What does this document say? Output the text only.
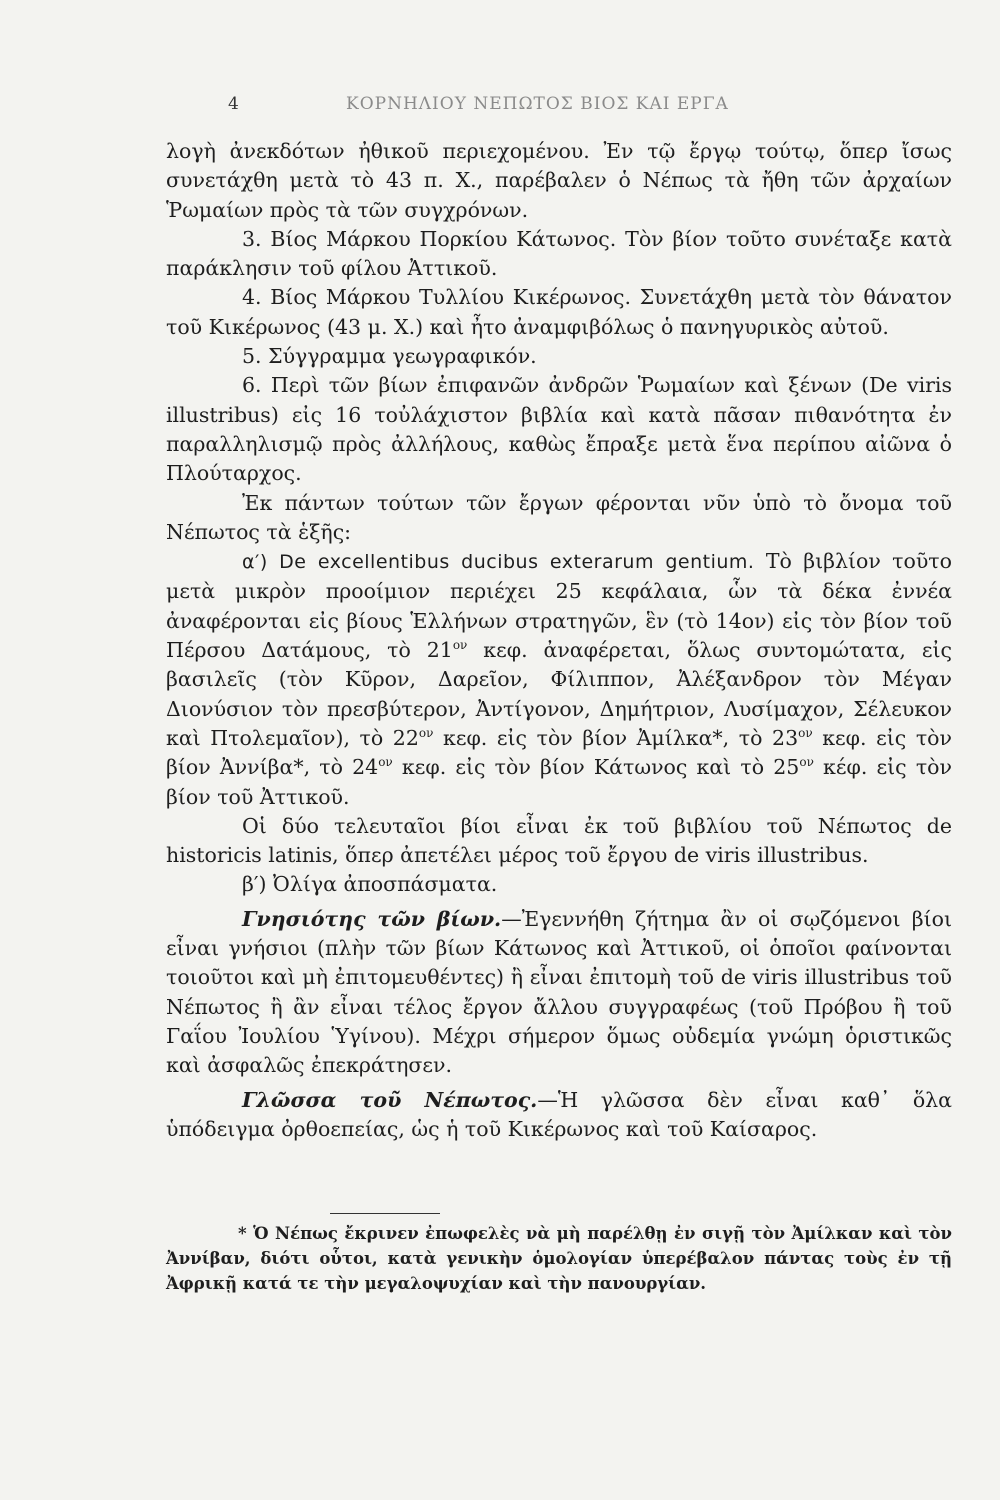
4	ΚΟΡΝΗΛΙΟΥ ΝΕΠΩΤΟΣ ΒΙΟΣ ΚΑΙ ΕΡΓΑ

λογὴ ἀνεκδότων ἠθικοῦ περιεχομένου. Ἐν τῷ ἔργῳ τούτῳ, ὅπερ ἴσως συνετάχθη μετὰ τὸ 43 π. Χ., παρέβαλεν ὁ Νέπως τὰ ἤθη τῶν ἀρχαίων Ῥωμαίων πρὸς τὰ τῶν συγχρόνων.

3. Βίος Μάρκου Πορκίου Κάτωνος. Τὸν βίον τοῦτο συνέταξε κατὰ παράκλησιν τοῦ φίλου Ἀττικοῦ.

4. Βίος Μάρκου Τυλλίου Κικέρωνος. Συνετάχθη μετὰ τὸν θάνατον τοῦ Κικέρωνος (43 μ. Χ.) καὶ ἦτο ἀναμφιβόλως ὁ πανηγυρικὸς αὐτοῦ.

5. Σύγγραμμα γεωγραφικόν.

6. Περὶ τῶν βίων ἐπιφανῶν ἀνδρῶν Ῥωμαίων καὶ ξένων (De viris illustribus) εἰς 16 τοὐλάχιστον βιβλία καὶ κατὰ πᾶσαν πιθανότητα ἐν παραλληλισμῷ πρὸς ἀλλήλους, καθὼς ἔπραξε μετὰ ἕνα περίπου αἰῶνα ὁ Πλούταρχος.

Ἐκ πάντων τούτων τῶν ἔργων φέρονται νῦν ὑπὸ τὸ ὄνομα τοῦ Νέπωτος τὰ ἑξῆς:

α′) De excellentibus ducibus exterarum gentium. Τὸ βιβλίον τοῦτο μετὰ μικρὸν προοίμιον περιέχει 25 κεφάλαια, ὧν τὰ δέκα ἐννέα ἀναφέρονται εἰς βίους Ἑλλήνων στρατηγῶν, ἓν (τὸ 14ον) εἰς τὸν βίον τοῦ Πέρσου Δατάμους, τὸ $21^{o\nu}$ κεφ. ἀναφέρεται, ὅλως συντομώτατα, εἰς βασιλεῖς (τὸν Κῦρον, Δαρεῖον, Φίλιππον, Ἀλέξανδρον τὸν Μέγαν Διονύσιον τὸν πρεσβύτερον, Ἀντίγονον, Δημήτριον, Λυσίμαχον, Σέλευκον καὶ Πτολεμαῖον), τὸ $22^{o\nu}$ κεφ. εἰς τὸν βίον Ἀμίλκα*, τὸ $23^{o\nu}$ κεφ. εἰς τὸν βίον Ἀννίβα*, τὸ $24^{o\nu}$ κεφ. εἰς τὸν βίον Κάτωνος καὶ τὸ $25^{o\nu}$ κέφ. εἰς τὸν βίον τοῦ Ἀττικοῦ.

Οἱ δύο τελευταῖοι βίοι εἶναι ἐκ τοῦ βιβλίου τοῦ Νέπωτος de historicis latinis, ὅπερ ἀπετέλει μέρος τοῦ ἔργου de viris illustribus.

β′) Ὀλίγα ἀποσπάσματα.

Γνησιότης τῶν βίων.—Ἐγεννήθη ζήτημα ἂν οἱ σῳζόμενοι βίοι εἶναι γνήσιοι (πλὴν τῶν βίων Κάτωνος καὶ Ἀττικοῦ, οἱ ὁποῖοι φαίνονται τοιοῦτοι καὶ μὴ ἐπιτομευθέντες) ἢ εἶναι ἐπιτομὴ τοῦ de viris illustribus τοῦ Νέπωτος ἢ ἂν εἶναι τέλος ἔργον ἄλλου συγγραφέως (τοῦ Πρόβου ἢ τοῦ Γαΐου Ἰουλίου Ὑγίνου). Μέχρι σήμερον ὅμως οὐδεμία γνώμη ὁριστικῶς καὶ ἀσφαλῶς ἐπεκράτησεν.

Γλῶσσα τοῦ Νέπωτος.—Ἡ γλῶσσα δὲν εἶναι καθ᾿ ὅλα ὑπόδειγμα ὀρθοεπείας, ὡς ἡ τοῦ Κικέρωνος καὶ τοῦ Καίσαρος.

* Ὁ Νέπως ἔκρινεν ἐπωφελὲς νὰ μὴ παρέλθῃ ἐν σιγῇ τὸν Ἀμίλκαν καὶ τὸν Ἀννίβαν, διότι οὗτοι, κατὰ γενικὴν ὁμολογίαν ὑπερέβαλον πάντας τοὺς ἐν τῇ Ἀφρικῇ κατά τε τὴν μεγαλοψυχίαν καὶ τὴν πανουργίαν.
